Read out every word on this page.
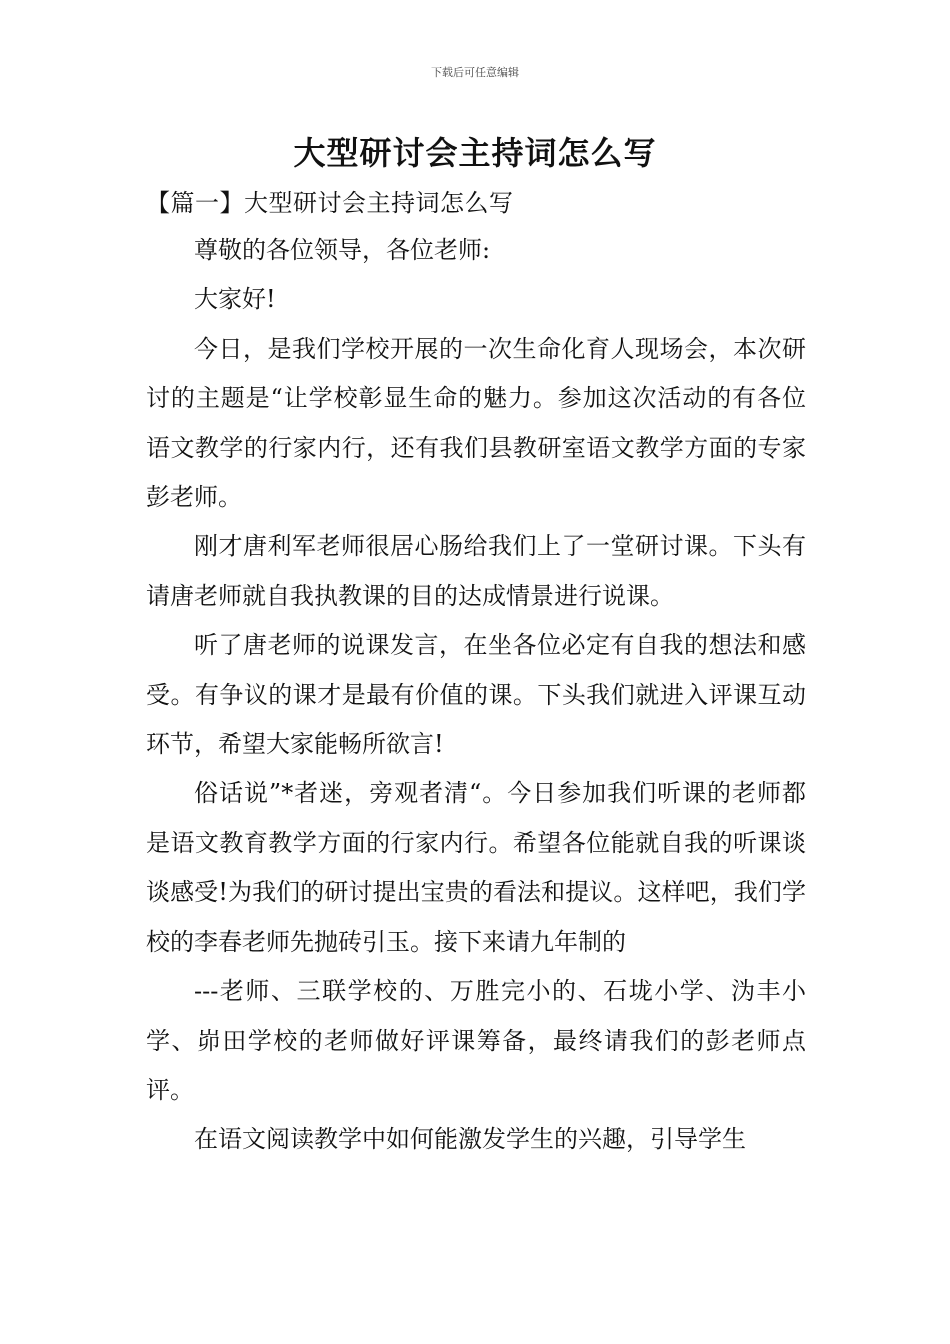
下载后可任意编辑
大型研讨会主持词怎么写
【篇一】大型研讨会主持词怎么写

尊敬的各位领导，各位老师:

大家好!

今日，是我们学校开展的一次生命化育人现场会，本次研讨的主题是“让学校彰显生命的魅力。参加这次活动的有各位语文教学的行家内行，还有我们县教研室语文教学方面的专家彭老师。

刚才唐利军老师很居心肠给我们上了一堂研讨课。下头有请唐老师就自我执教课的目的达成情景进行说课。

听了唐老师的说课发言，在坐各位必定有自我的想法和感受。有争议的课才是最有价值的课。下头我们就进入评课互动环节，希望大家能畅所欲言!

俗话说”*者迷，旁观者清“。今日参加我们听课的老师都是语文教育教学方面的行家内行。希望各位能就自我的听课谈谈感受!为我们的研讨提出宝贵的看法和提议。这样吧，我们学校的李春老师先抛砖引玉。接下来请九年制的

---老师、三联学校的、万胜完小的、石垅小学、沩丰小学、峁田学校的老师做好评课筹备，最终请我们的彭老师点评。

在语文阅读教学中如何能激发学生的兴趣，引导学生
